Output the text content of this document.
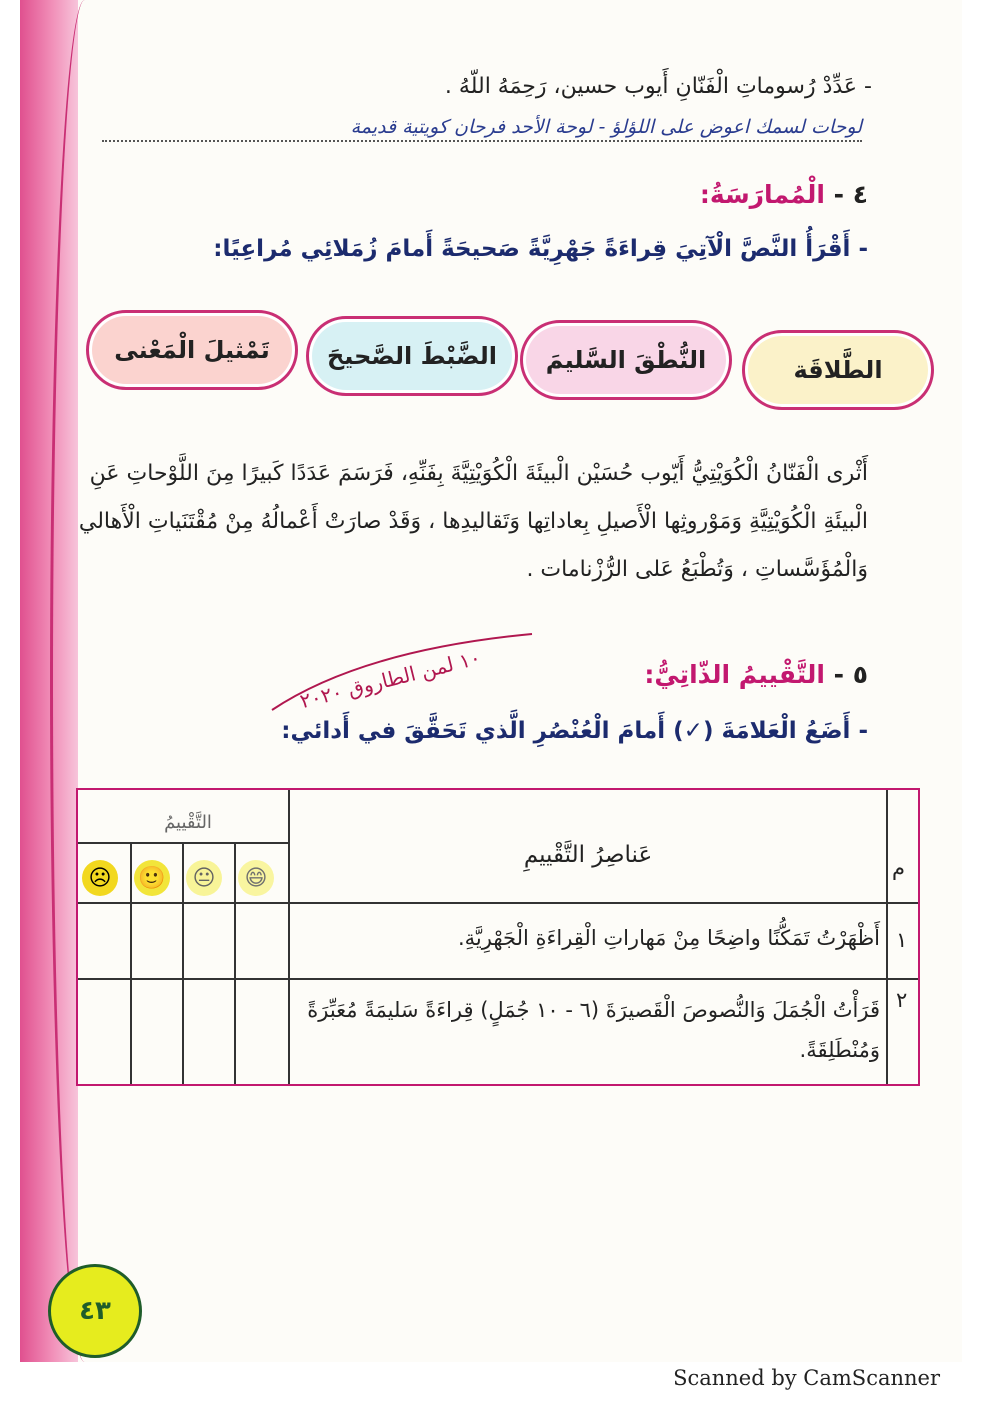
- عَدِّدْ رُسوماتِ الْفَنّانِ أَيوب حسين، رَحِمَهُ اللّهُ .
لوحات لسمك اعوض على اللؤلؤ - لوحة الأحد فرحان كويتية قديمة
٤ - الْمُمارَسَةُ:
- أَقْرَأُ النَّصَّ الْآتِيَ قِراءَةً جَهْرِيَّةً صَحيحَةً أَمامَ زُمَلائِي مُراعِيًا:
الطَّلاقَة
النُّطْقَ السَّليمَ
الضَّبْطَ الصَّحيحَ
تَمْثيلَ الْمَعْنى
أَثْرى الْفَنّانُ الْكُوَيْتِيُّ أَيّوب حُسَيْن الْبيئَةَ الْكُوَيْتِيَّةَ بِفَنِّهِ، فَرَسَمَ عَدَدًا كَبيرًا مِنَ اللَّوْحاتِ عَنِ الْبيئَةِ الْكُوَيْتِيَّةِ وَمَوْروثِها الْأَصيلِ بِعاداتِها وَتَقاليدِها ، وَقَدْ صارَتْ أَعْمالُهُ مِنْ مُقْتَنَياتِ الْأَهالي وَالْمُؤَسَّساتِ ، وَتُطْبَعُ عَلى الرُّزْنامات .
١٠ لمن الطاروق ٢٠٢٠
٥ - التَّقْييمُ الذّاتِيُّ:
- أَضَعُ الْعَلامَةَ (✓) أَمامَ الْعُنْصُرِ الَّذي تَحَقَّقَ في أَدائي:
م
عَناصِرُ التَّقْييمِ
التَّقْييمُ
😄
😐
🙂
☹
١
أَظْهَرْتُ تَمَكُّنًا واضِحًا مِنْ مَهاراتِ الْقِراءَةِ الْجَهْرِيَّةِ.
٢
قَرَأْتُ الْجُمَلَ وَالنُّصوصَ الْقَصيرَةَ (٦ - ١٠ جُمَلٍ) قِراءَةً سَليمَةً مُعَبِّرَةً وَمُنْطَلِقَةً.
٤٣
Scanned by CamScanner
